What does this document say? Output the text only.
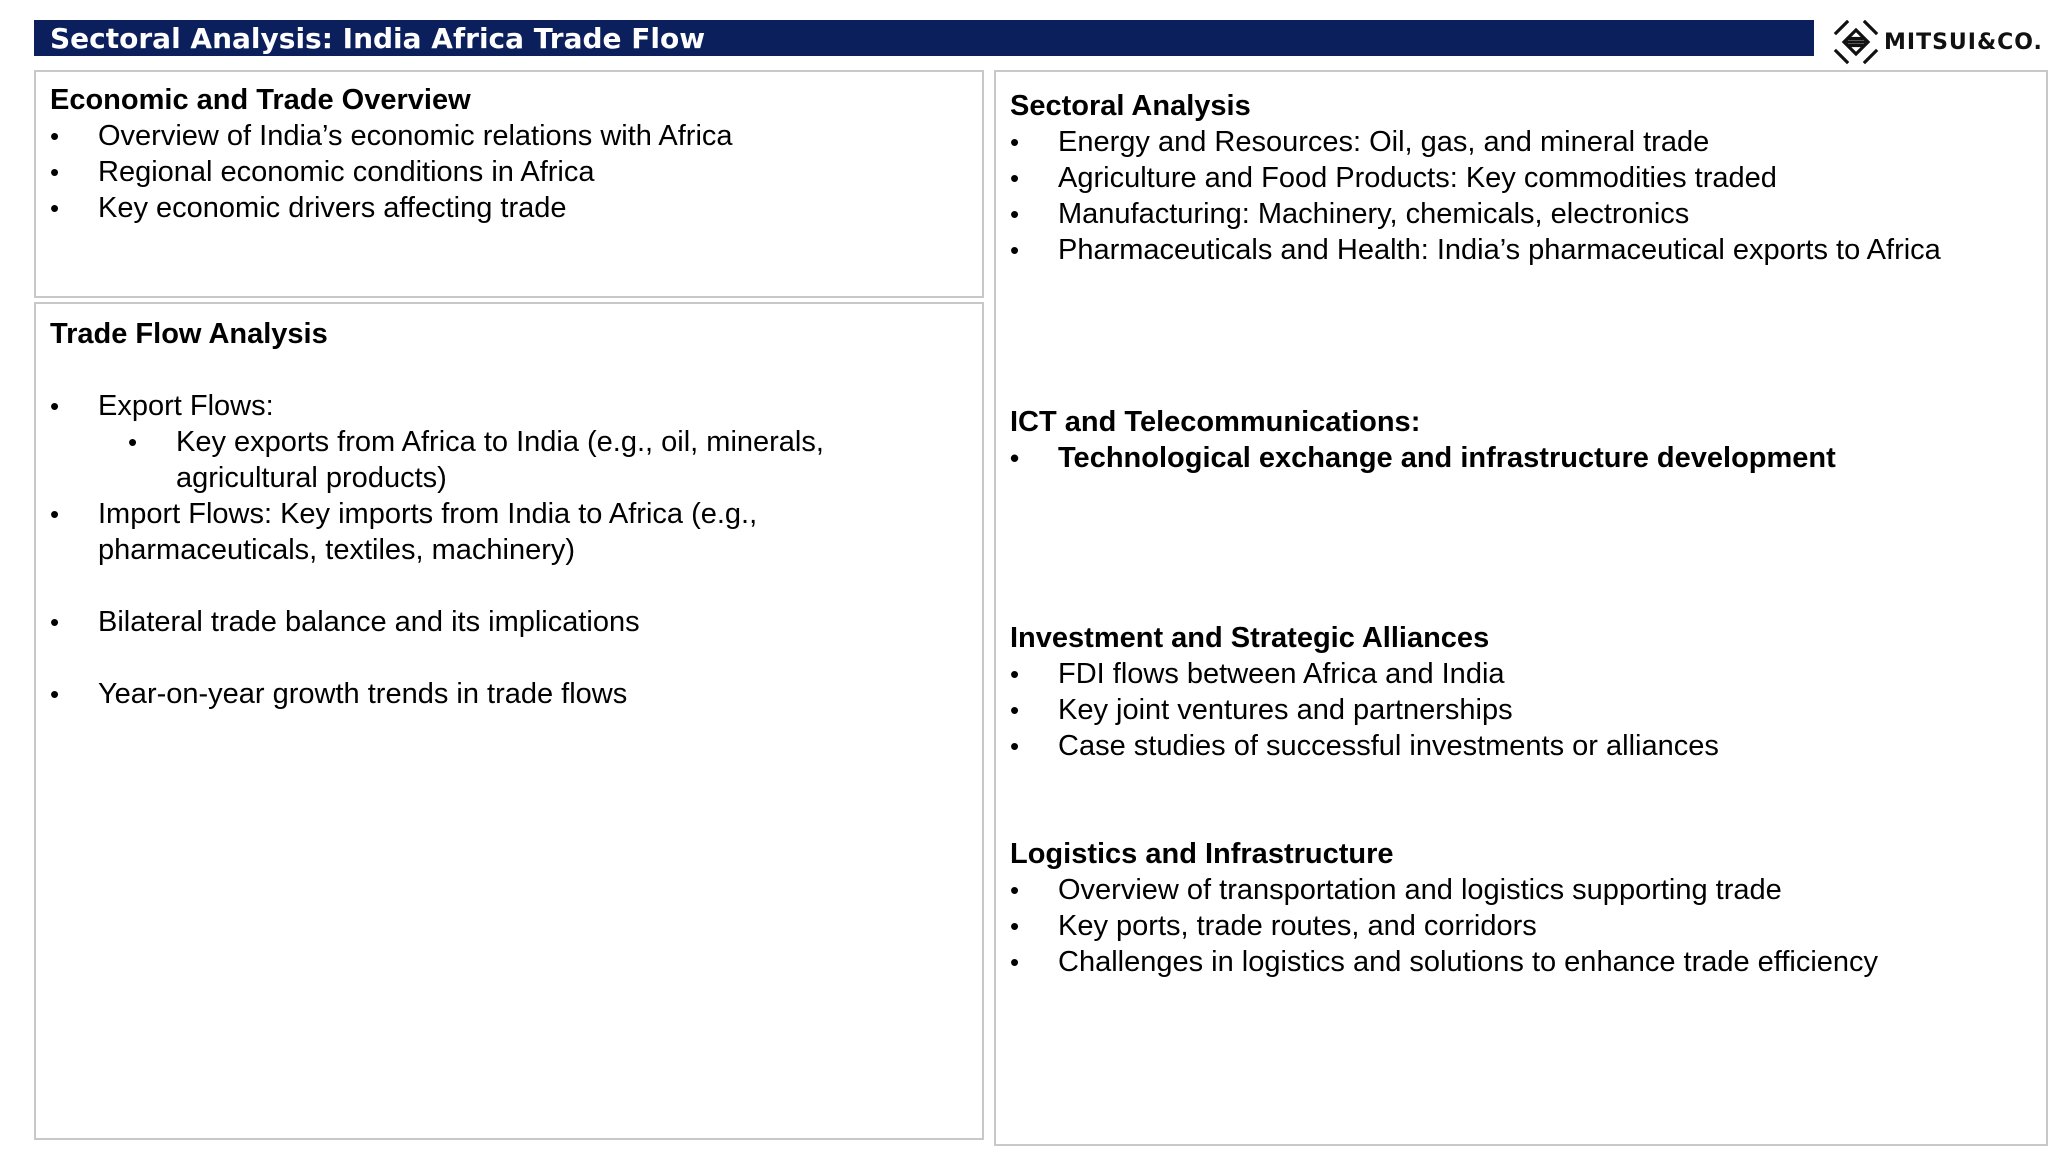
Sectoral Analysis: India Africa Trade Flow	MITSUI&CO.
Economic and Trade Overview
• Overview of India’s economic relations with Africa
• Regional economic conditions in Africa
• Key economic drivers affecting trade
Trade Flow Analysis
• Export Flows:
• Key exports from Africa to India (e.g., oil, minerals, agricultural products)
• Import Flows: Key imports from India to Africa (e.g., pharmaceuticals, textiles, machinery)
• Bilateral trade balance and its implications
• Year-on-year growth trends in trade flows
Sectoral Analysis
• Energy and Resources: Oil, gas, and mineral trade
• Agriculture and Food Products: Key commodities traded
• Manufacturing: Machinery, chemicals, electronics
• Pharmaceuticals and Health: India’s pharmaceutical exports to Africa
ICT and Telecommunications:
• Technological exchange and infrastructure development
Investment and Strategic Alliances
• FDI flows between Africa and India
• Key joint ventures and partnerships
• Case studies of successful investments or alliances
Logistics and Infrastructure
• Overview of transportation and logistics supporting trade
• Key ports, trade routes, and corridors
• Challenges in logistics and solutions to enhance trade efficiency
